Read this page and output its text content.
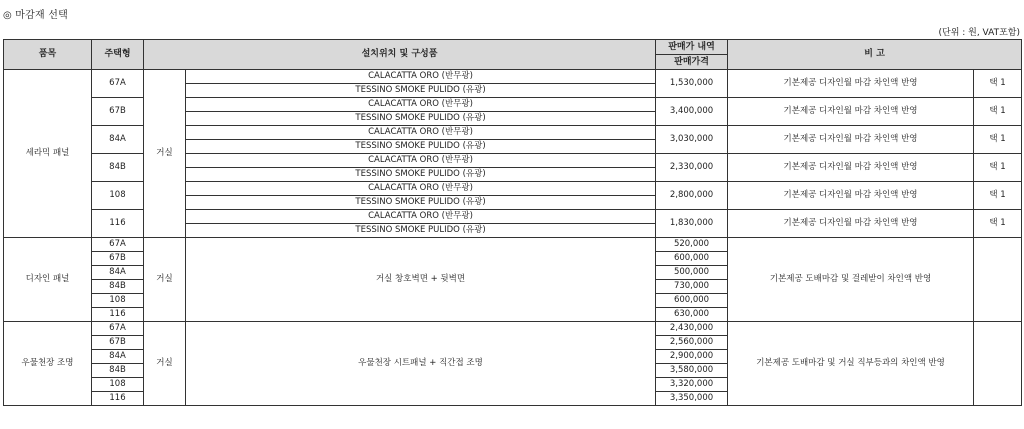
◎ 마감재 선택
(단위 : 원, VAT포함)
품목	주택형	설치위치 및 구성품		판매가 내역	비 고	
				판매가격		
세라믹 패널	67A	거실	CALACATTA ORO (반무광)	1,530,000	기본제공 디자인월 마감 차인액 반영	택 1
			TESSINO SMOKE PULIDO (유광)			
	67B		CALACATTA ORO (반무광)	3,400,000	기본제공 디자인월 마감 차인액 반영	택 1
			TESSINO SMOKE PULIDO (유광)			
	84A		CALACATTA ORO (반무광)	3,030,000	기본제공 디자인월 마감 차인액 반영	택 1
			TESSINO SMOKE PULIDO (유광)			
	84B		CALACATTA ORO (반무광)	2,330,000	기본제공 디자인월 마감 차인액 반영	택 1
			TESSINO SMOKE PULIDO (유광)			
	108		CALACATTA ORO (반무광)	2,800,000	기본제공 디자인월 마감 차인액 반영	택 1
			TESSINO SMOKE PULIDO (유광)			
	116		CALACATTA ORO (반무광)	1,830,000	기본제공 디자인월 마감 차인액 반영	택 1
			TESSINO SMOKE PULIDO (유광)			
디자인 패널	67A	거실	거실 창호벽면 + 뒷벽면	520,000	기본제공 도배마감 및 걸레받이 차인액 반영	
	67B			600,000		
	84A			500,000		
	84B			730,000		
	108			600,000		
	116			630,000		
우물천장 조명	67A	거실	우물천장 시트패널 + 직간접 조명	2,430,000	기본제공 도배마감 및 거실 직부등과의 차인액 반영	
	67B			2,560,000		
	84A			2,900,000		
	84B			3,580,000		
	108			3,320,000		
	116			3,350,000		
